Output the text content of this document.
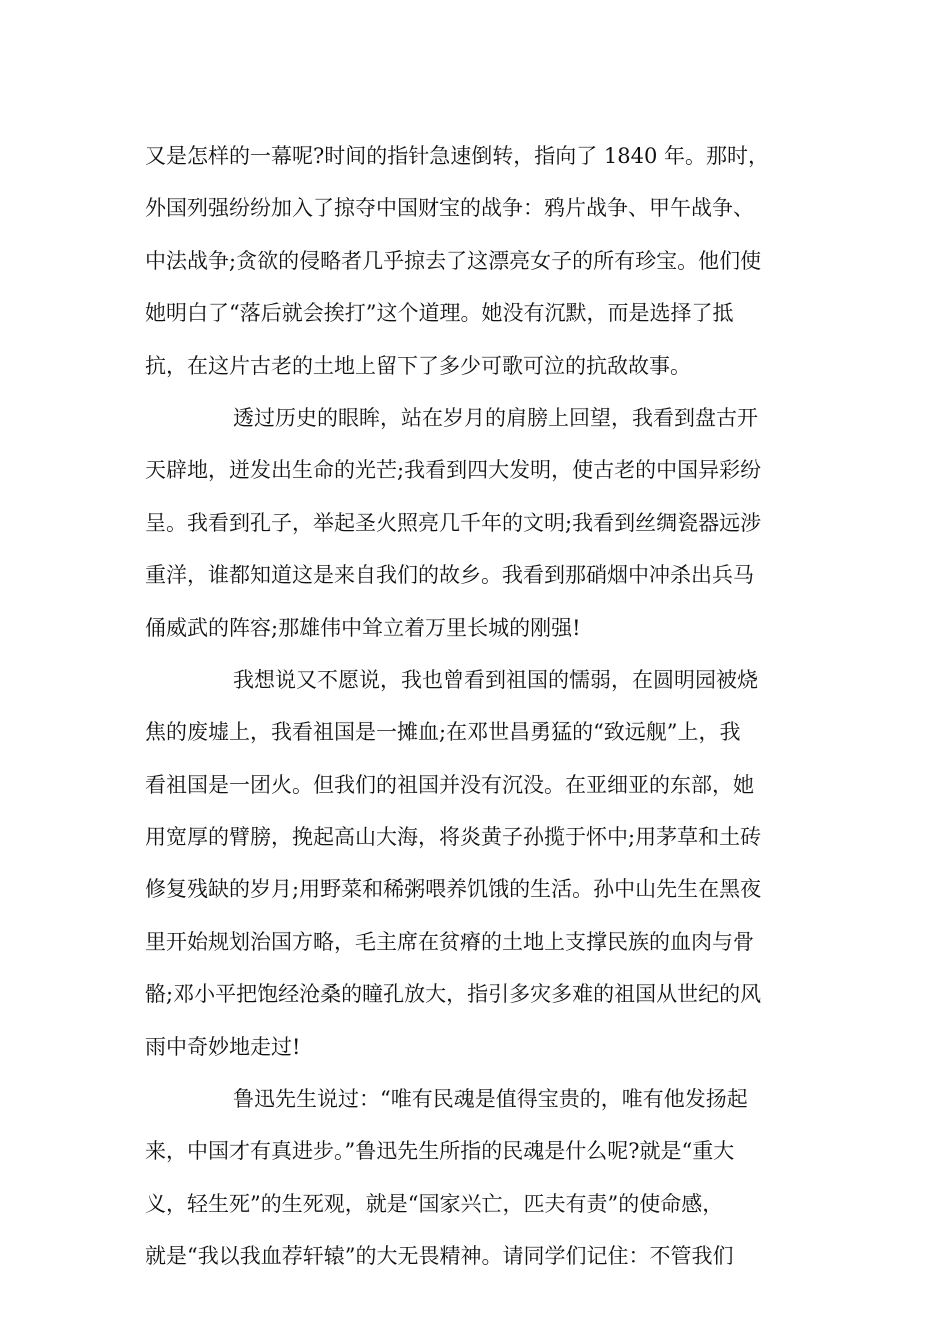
又是怎样的一幕呢?时间的指针急速倒转，指向了 1840 年。那时，
外国列强纷纷加入了掠夺中国财宝的战争：鸦片战争、甲午战争、
中法战争;贪欲的侵略者几乎掠去了这漂亮女子的所有珍宝。他们使
她明白了“落后就会挨打”这个道理。她没有沉默，而是选择了抵
抗，在这片古老的土地上留下了多少可歌可泣的抗敌故事。
透过历史的眼眸，站在岁月的肩膀上回望，我看到盘古开
天辟地，迸发出生命的光芒;我看到四大发明，使古老的中国异彩纷
呈。我看到孔子，举起圣火照亮几千年的文明;我看到丝绸瓷器远涉
重洋，谁都知道这是来自我们的故乡。我看到那硝烟中冲杀出兵马
俑威武的阵容;那雄伟中耸立着万里长城的刚强!
我想说又不愿说，我也曾看到祖国的懦弱，在圆明园被烧
焦的废墟上，我看祖国是一摊血;在邓世昌勇猛的“致远舰”上，我
看祖国是一团火。但我们的祖国并没有沉没。在亚细亚的东部，她
用宽厚的臂膀，挽起高山大海，将炎黄子孙揽于怀中;用茅草和土砖
修复残缺的岁月;用野菜和稀粥喂养饥饿的生活。孙中山先生在黑夜
里开始规划治国方略，毛主席在贫瘠的土地上支撑民族的血肉与骨
骼;邓小平把饱经沧桑的瞳孔放大，指引多灾多难的祖国从世纪的风
雨中奇妙地走过!
鲁迅先生说过：“唯有民魂是值得宝贵的，唯有他发扬起
来，中国才有真进步。”鲁迅先生所指的民魂是什么呢?就是“重大
义，轻生死”的生死观，就是“国家兴亡，匹夫有责”的使命感，
就是“我以我血荐轩辕”的大无畏精神。请同学们记住：不管我们
